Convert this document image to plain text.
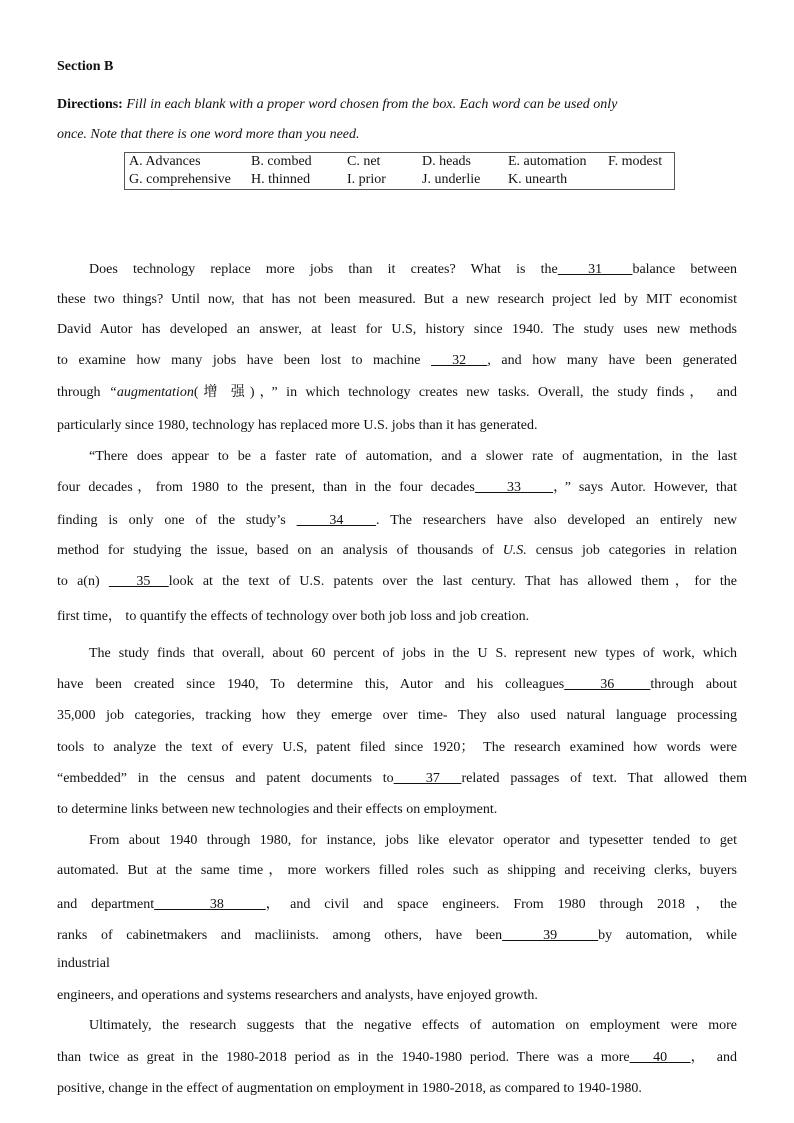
Section B
Directions: Fill in each blank with a proper word chosen from the box. Each word can be used only
once. Note that there is one word more than you need.
A. Advances	B. combed	C. net	D. heads	E. automation F. modest
G. comprehensive H. thinned	I. prior	J. underlie K. unearth
Does technology replace more jobs than it creates? What is the  31  balance between
these two things? Until now, that has not been measured. But a new research project led by MIT economist
David Autor has developed an answer, at least for U.S, history since 1940. The study uses new methods
to examine how many jobs have been lost to machine   32  , and how many have been generated
through “augmentation(增 强)，” in which technology creates new tasks. Overall, the study finds， and
particularly since 1980, technology has replaced more U.S. jobs than it has generated.
“There does appear to be a faster rate of automation, and a slower rate of augmentation, in the last
four decades，from 1980 to the present, than in the four decades    33    ，” says Autor. However, that
finding is only one of the study’s    34   . The researchers have also developed an entirely new
method for studying the issue, based on an analysis of thousands of U.S. census job categories in relation
to a(n)    35  look at the text of U.S. patents over the last century. That has allowed them，for the
first time， to quantify the effects of technology over both job loss and job creation.
The study finds that overall, about 60 percent of jobs in the U S. represent new types of work, which
have been created since 1940, To determine this, Autor and his colleagues   36   through about
35,000 job categories, tracking how they emerge over time- They also used natural language processing
tools to analyze the text of every U.S, patent filed since 1920； The research examined how words were
“embedded” in the census and patent documents to   37  related passages of text. That allowed them
to determine links between new technologies and their effects on employment.
From about 1940 through 1980, for instance, jobs like elevator operator and typesetter tended to get
automated. But at the same time，more workers filled roles such as shipping and receiving clerks, buyers
and department    38   ，and civil and space engineers. From 1980 through 2018，the
ranks of cabinetmakers and macliinists. among others, have been   39   by automation, while
industrial
engineers, and operations and systems researchers and analysts, have enjoyed growth.
Ultimately, the research suggests that the negative effects of automation on employment were more
than twice as great in the 1980-2018 period as in the 1940-1980 period. There was a more   40   ， and
positive, change in the effect of augmentation on employment in 1980-2018, as compared to 1940-1980.
